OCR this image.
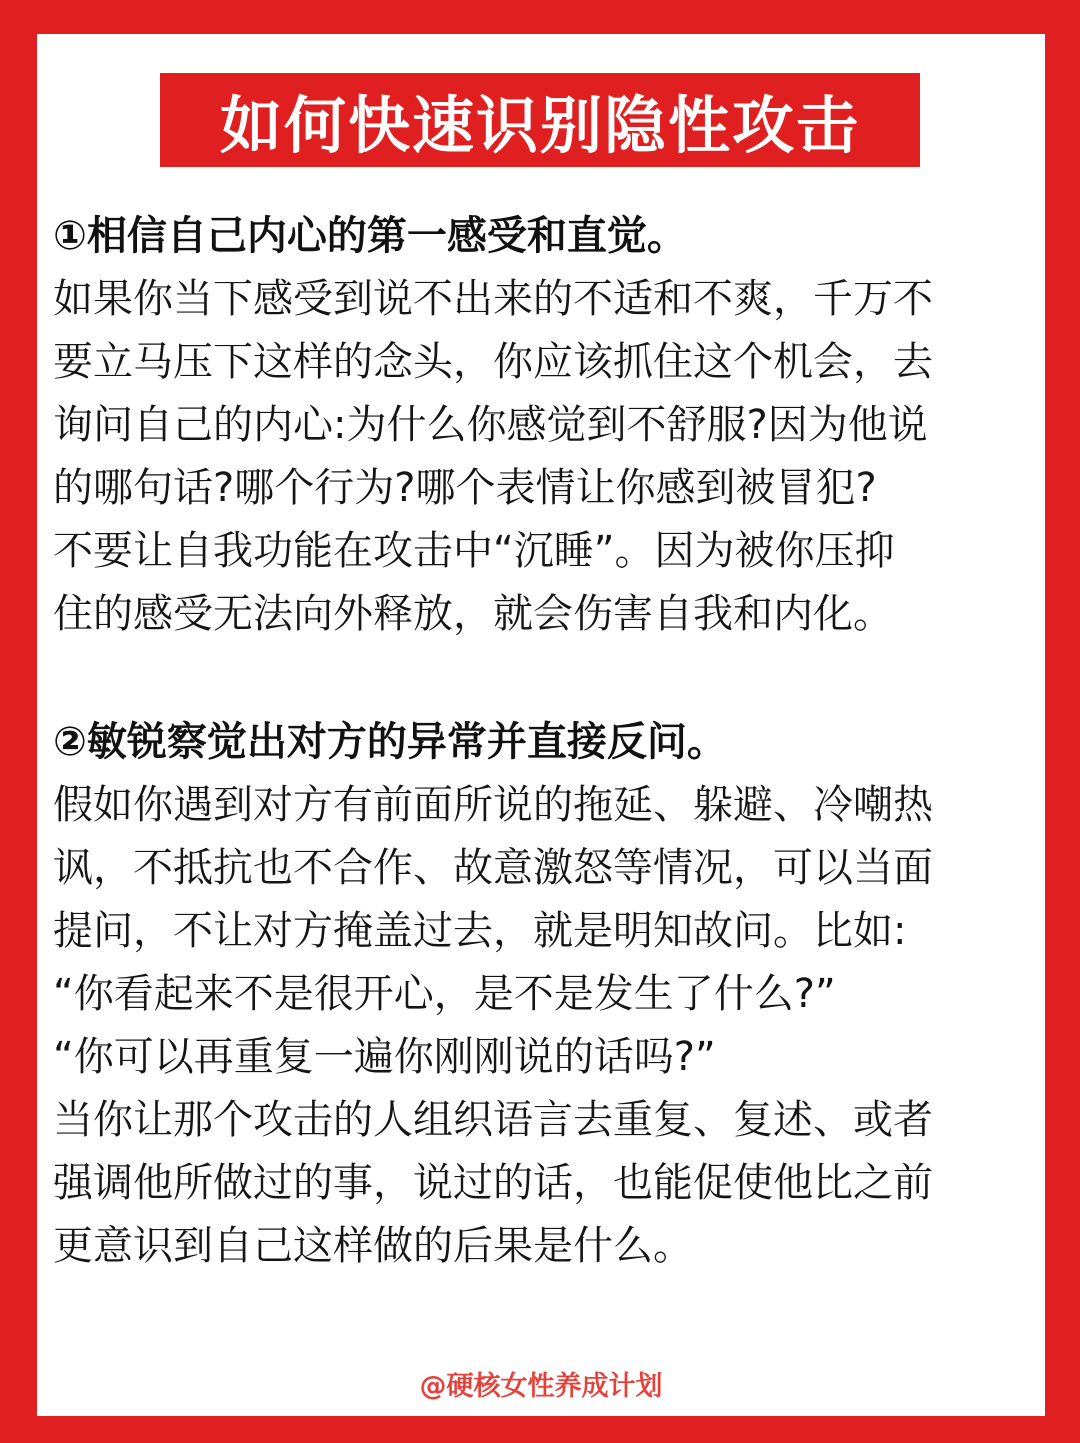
如何快速识别隐性攻击
①相信自己内心的第一感受和直觉。
如果你当下感受到说不出来的不适和不爽，千万不
要立马压下这样的念头，你应该抓住这个机会，去
询问自己的内心:为什么你感觉到不舒服?因为他说
的哪句话?哪个行为?哪个表情让你感到被冒犯?
不要让自我功能在攻击中“沉睡”。因为被你压抑
住的感受无法向外释放，就会伤害自我和内化。
②敏锐察觉出对方的异常并直接反问。
假如你遇到对方有前面所说的拖延、躲避、冷嘲热
讽，不抵抗也不合作、故意激怒等情况，可以当面
提问，不让对方掩盖过去，就是明知故问。比如:
“你看起来不是很开心，是不是发生了什么?”
“你可以再重复一遍你刚刚说的话吗?”
当你让那个攻击的人组织语言去重复、复述、或者
强调他所做过的事，说过的话，也能促使他比之前
更意识到自己这样做的后果是什么。
@硬核女性养成计划
